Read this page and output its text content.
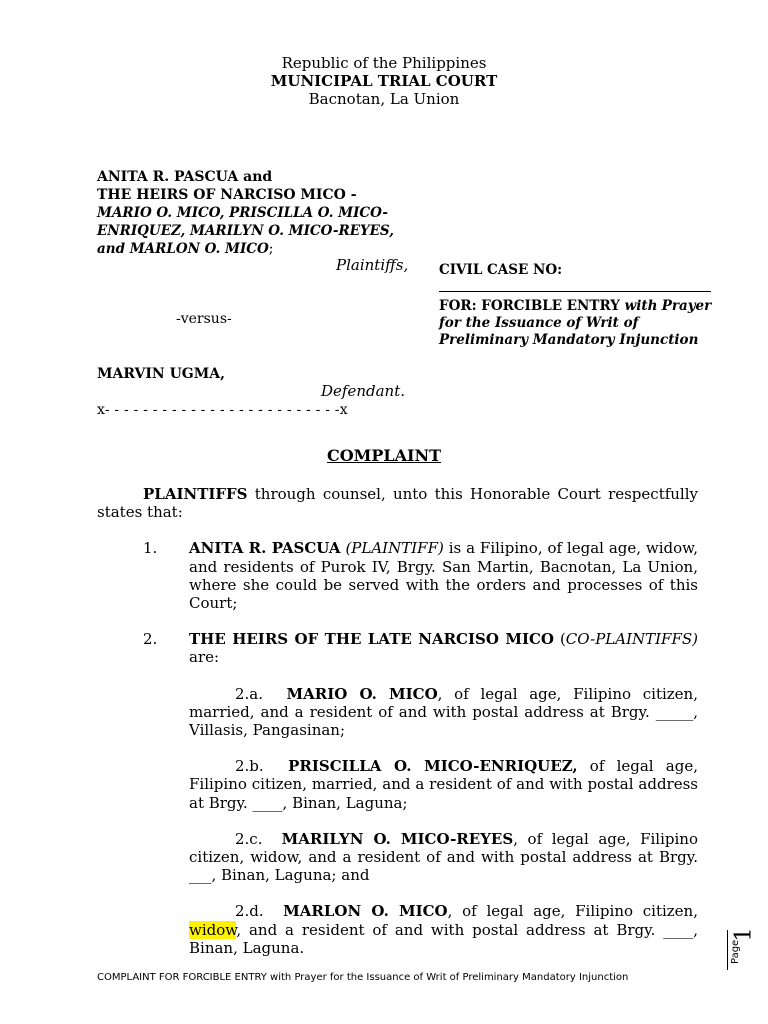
Republic of the Philippines
MUNICIPAL TRIAL COURT
Bacnotan, La Union
ANITA R. PASCUA and
THE HEIRS OF NARCISO MICO -
MARIO O. MICO, PRISCILLA O. MICO-
ENRIQUEZ, MARILYN O. MICO-REYES,
and MARLON O. MICO;
Plaintiffs,
-versus-
MARVIN UGMA,
Defendant.
x- - - - - - - - - - - - - - - - - - - - - - - - -x
CIVIL CASE NO:
FOR: FORCIBLE ENTRY with Prayer for the Issuance of Writ of Preliminary Mandatory Injunction
COMPLAINT

PLAINTIFFS through counsel, unto this Honorable Court respectfully states that:

1. ANITA R. PASCUA (PLAINTIFF) is a Filipino, of legal age, widow, and residents of Purok IV, Brgy. San Martin, Bacnotan, La Union, where she could be served with the orders and processes of this Court;
2. THE HEIRS OF THE LATE NARCISO MICO (CO-PLAINTIFFS) are:
2.a. MARIO O. MICO, of legal age, Filipino citizen, married, and a resident of and with postal address at Brgy. _____, Villasis, Pangasinan;
2.b. PRISCILLA O. MICO-ENRIQUEZ, of legal age, Filipino citizen, married, and a resident of and with postal address at Brgy. ____, Binan, Laguna;
2.c. MARILYN O. MICO-REYES, of legal age, Filipino citizen, widow, and a resident of and with postal address at Brgy. ___, Binan, Laguna; and
2.d. MARLON O. MICO, of legal age, Filipino citizen, widow, and a resident of and with postal address at Brgy. ____, Binan, Laguna.	Page
1
COMPLAINT FOR FORCIBLE ENTRY with Prayer for the Issuance of Writ of Preliminary Mandatory Injunction
